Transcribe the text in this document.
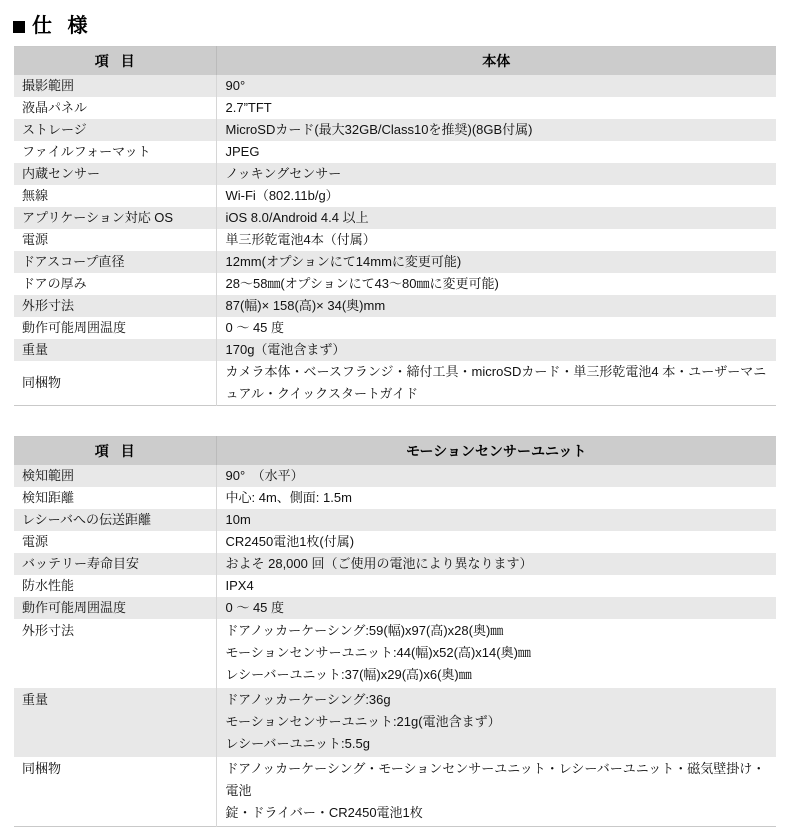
仕 様
項 目	本体
撮影範囲	90°
液晶パネル	2.7”TFT
ストレージ	MicroSDカード(最大32GB/Class10を推奨)(8GB付属)
ファイルフォーマット	JPEG
内蔵センサー	ノッキングセンサー
無線	Wi-Fi（802.11b/g）
アプリケーション対応 OS	iOS 8.0/Android 4.4 以上
電源	単三形乾電池4本（付属）
ドアスコープ直径	12mm(オプションにて14mmに変更可能)
ドアの厚み	28〜58㎜(オプションにて43〜80㎜に変更可能)
外形寸法	87(幅)× 158(高)× 34(奥)mm
動作可能周囲温度	0 〜 45 度
重量	170g（電池含まず）
同梱物	カメラ本体・ベースフランジ・締付工具・microSDカード・単三形乾電池4 本・ユーザーマニュアル・クイックスタートガイド
項 目	モーションセンサーユニット
検知範囲	90°　（水平）
検知距離	中心: 4m、側面: 1.5m
レシーバへの伝送距離	10m
電源	CR2450電池1枚(付属)
バッテリー寿命目安	およそ 28,000 回（ご使用の電池により異なります）
防水性能	IPX4
動作可能周囲温度	0 〜 45 度
外形寸法	ドアノッカーケーシング:59(幅)x97(高)x28(奥)㎜
モーションセンサーユニット:44(幅)x52(高)x14(奥)㎜
レシーバーユニット:37(幅)x29(高)x6(奥)㎜

重量	ドアノッカーケーシング:36g
モーションセンサーユニット:21g(電池含まず）
レシーバーユニット:5.5g

同梱物	ドアノッカーケーシング・モーションセンサーユニット・レシーバーユニット・磁気壁掛け・電池
錠・ドライバー・CR2450電池1枚
